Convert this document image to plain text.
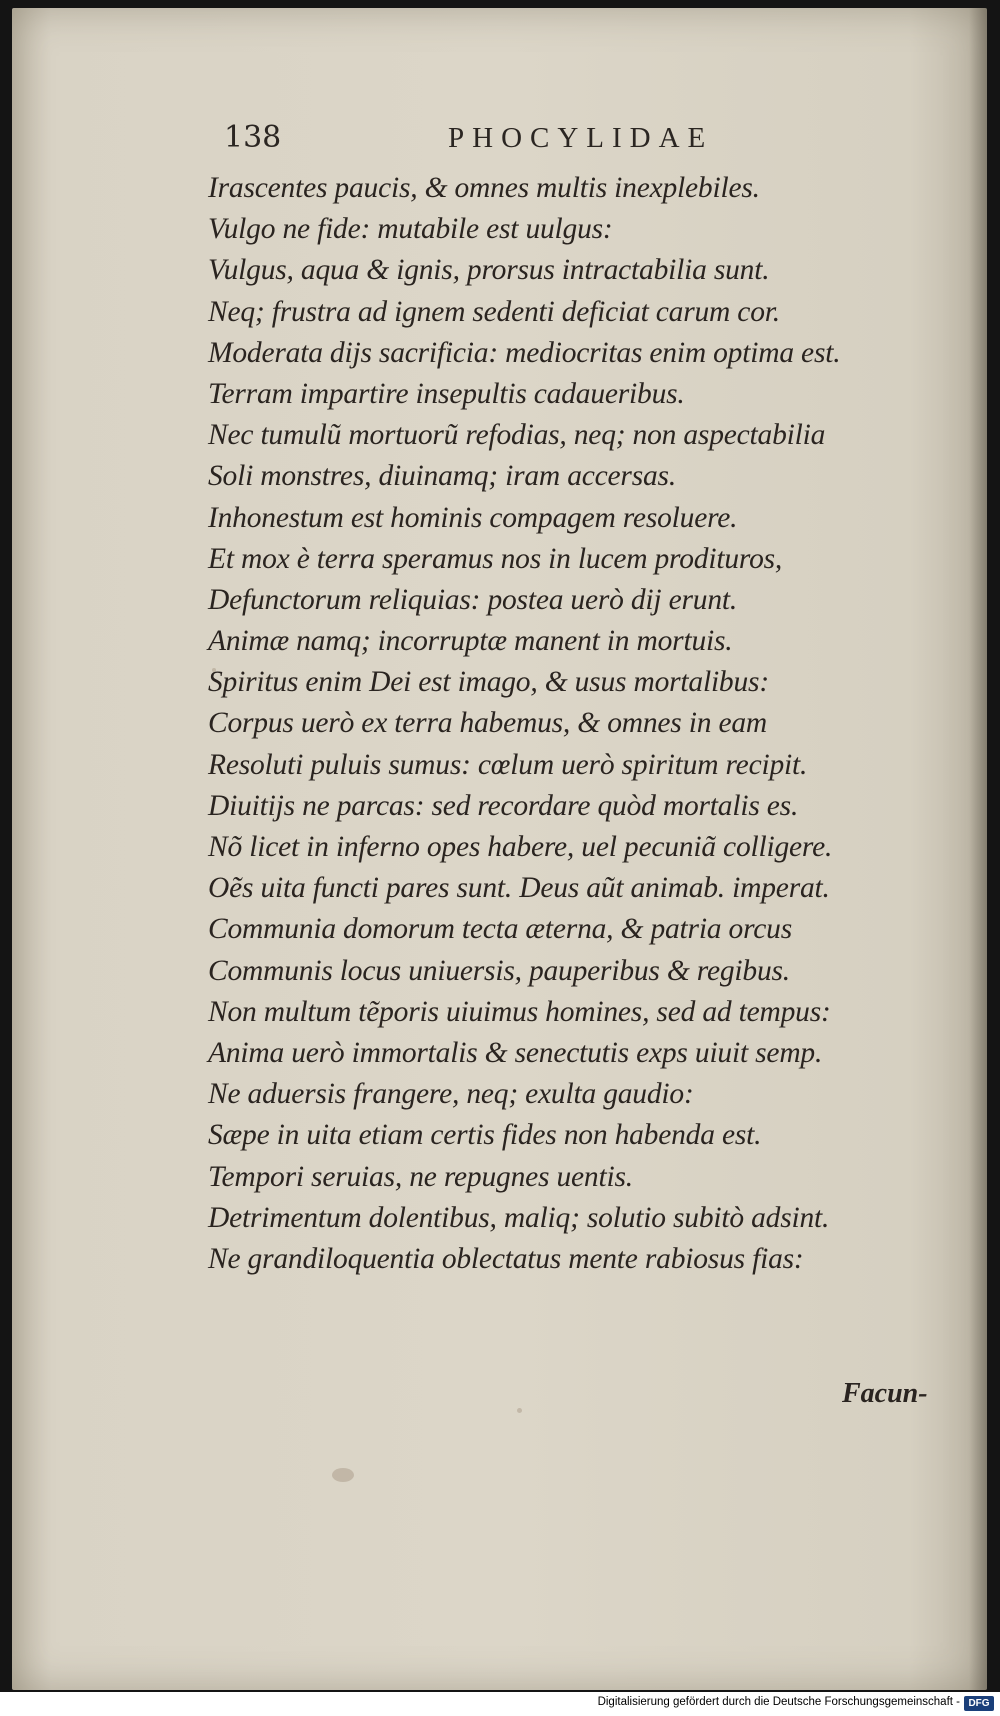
138	PHOCYLIDAE
Irascentes paucis, & omnes multis inexplebiles.
Vulgo ne fide: mutabile est uulgus:
Vulgus, aqua & ignis, prorsus intractabilia sunt.
Neq; frustra ad ignem sedenti deficiat carum cor.
Moderata dijs sacrificia: mediocritas enim optima est.
Terram impartire insepultis cadaueribus.
Nec tumulũ mortuorũ refodias, neq; non aspectabilia
Soli monstres, diuinamq; iram accersas.
Inhonestum est hominis compagem resoluere.
Et mox è terra speramus nos in lucem prodituros,
Defunctorum reliquias: postea uerò dij erunt.
Animæ namq; incorruptæ manent in mortuis.
Spiritus enim Dei est imago, & usus mortalibus:
Corpus uerò ex terra habemus, & omnes in eam
Resoluti puluis sumus: cœlum uerò spiritum recipit.
Diuitijs ne parcas: sed recordare quòd mortalis es.
Nõ licet in inferno opes habere, uel pecuniã colligere.
Oẽs uita functi pares sunt. Deus aũt animab. imperat.
Communia domorum tecta æterna, & patria orcus
Communis locus uniuersis, pauperibus & regibus.
Non multum tẽporis uiuimus homines, sed ad tempus:
Anima uerò immortalis & senectutis exps uiuit semp.
Ne aduersis frangere, neq; exulta gaudio:
Sæpe in uita etiam certis fides non habenda est.
Tempori seruias, ne repugnes uentis.
Detrimentum dolentibus, maliq; solutio subitò adsint.
Ne grandiloquentia oblectatus mente rabiosus fias:
Facun-
Digitalisierung gefördert durch die Deutsche Forschungsgemeinschaft - DFG
